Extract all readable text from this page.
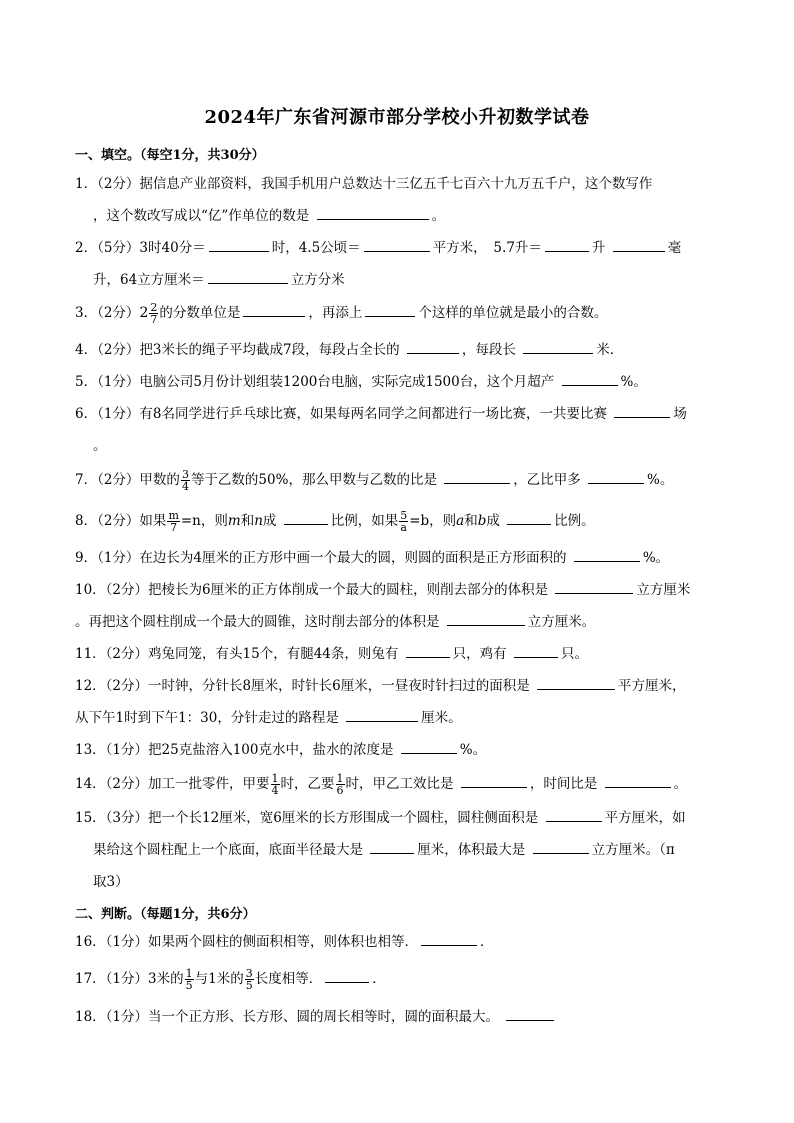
2024年广东省河源市部分学校小升初数学试卷
一、填空。（每空1分，共30分）
1．（2分）据信息产业部资料，我国手机用户总数达十三亿五千七百六十九万五千户，这个数写作
，这个数改写成以“亿”作单位的数是	。
2．（5分）3时40分＝	时，4.5公顷＝	平方米，　5.7升＝	升	毫
升，64立方厘米＝	立方分米
3．（2分）$2 \frac{2}{7}$ 的分数单位是	，再添上	个这样的单位就是最小的合数。
4．（2分）把3米长的绳子平均截成7段，每段占全长的	，每段长	米．
5．（1分）电脑公司5月份计划组装1200台电脑，实际完成1500台，这个月超产	%。
6．（1分）有8名同学进行乒乓球比赛，如果每两名同学之间都进行一场比赛，一共要比赛	场
。
7．（2分）甲数的 $\frac{3}{4}$ 等于乙数的50%，那么甲数与乙数的比是	，乙比甲多	%。
8．（2分）如果 $\frac{m}{7} =n$，则m和n成	比例，如果 $\frac{5}{a} =b$，则a和b成	比例。
9．（1分）在边长为4厘米的正方形中画一个最大的圆，则圆的面积是正方形面积的	%。
10．（2分）把棱长为6厘米的正方体削成一个最大的圆柱，则削去部分的体积是	立方厘米
。再把这个圆柱削成一个最大的圆锥，这时削去部分的体积是	立方厘米。
11．（2分）鸡兔同笼，有头15个，有腿44条，则兔有	只，鸡有	只。
12．（2分）一时钟，分针长8厘米，时针长6厘米，一昼夜时针扫过的面积是	平方厘米，
从下午1时到下午1：30，分针走过的路程是	厘米。
13．（1分）把25克盐溶入100克水中，盐水的浓度是	%。
14．（2分）加工一批零件，甲要 $\frac{1}{4}$ 时，乙要 $\frac{1}{6}$ 时，甲乙工效比是	，时间比是	。
15．（3分）把一个长12厘米，宽6厘米的长方形围成一个圆柱，圆柱侧面积是	平方厘米，如
果给这个圆柱配上一个底面，底面半径最大是	厘米，体积最大是	立方厘米。（π
取3）
二、判断。（每题1分，共6分）
16．（1分）如果两个圆柱的侧面积相等，则体积也相等．	．
17．（1分）3米的 $\frac{1}{5}$ 与1米的 $\frac{3}{5}$ 长度相等．	．
18．（1分）当一个正方形、长方形、圆的周长相等时，圆的面积最大。
